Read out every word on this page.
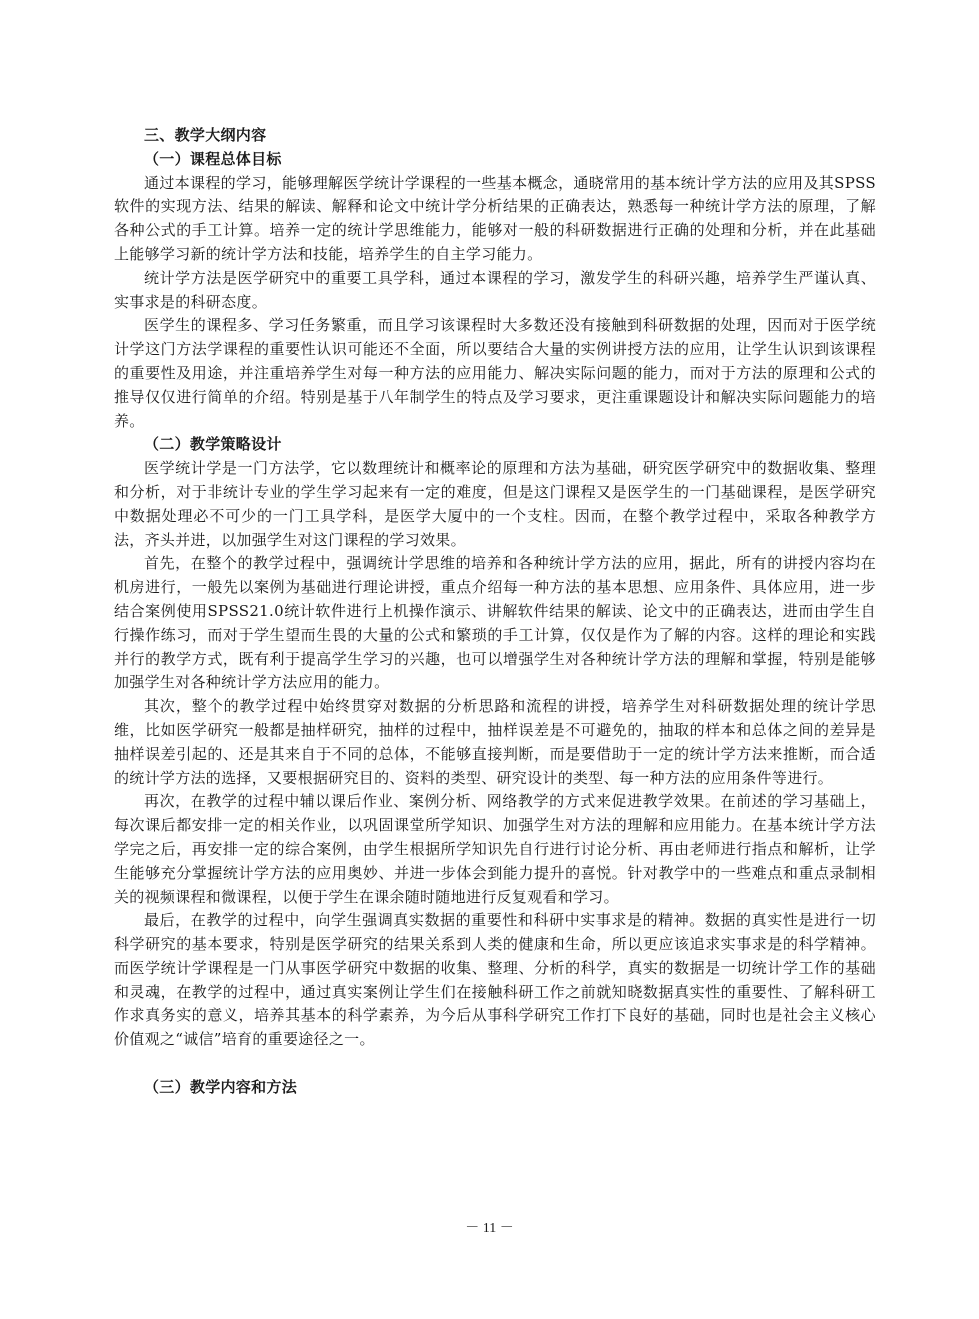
三、教学大纲内容

（一）课程总体目标

通过本课程的学习，能够理解医学统计学课程的一些基本概念，通晓常用的基本统计学方法的应用及其SPSS软件的实现方法、结果的解读、解释和论文中统计学分析结果的正确表达，熟悉每一种统计学方法的原理，了解各种公式的手工计算。培养一定的统计学思维能力，能够对一般的科研数据进行正确的处理和分析，并在此基础上能够学习新的统计学方法和技能，培养学生的自主学习能力。

统计学方法是医学研究中的重要工具学科，通过本课程的学习，激发学生的科研兴趣，培养学生严谨认真、实事求是的科研态度。

医学生的课程多、学习任务繁重，而且学习该课程时大多数还没有接触到科研数据的处理，因而对于医学统计学这门方法学课程的重要性认识可能还不全面，所以要结合大量的实例讲授方法的应用，让学生认识到该课程的重要性及用途，并注重培养学生对每一种方法的应用能力、解决实际问题的能力，而对于方法的原理和公式的推导仅仅进行简单的介绍。特别是基于八年制学生的特点及学习要求，更注重课题设计和解决实际问题能力的培养。

（二）教学策略设计

医学统计学是一门方法学，它以数理统计和概率论的原理和方法为基础，研究医学研究中的数据收集、整理和分析，对于非统计专业的学生学习起来有一定的难度，但是这门课程又是医学生的一门基础课程，是医学研究中数据处理必不可少的一门工具学科，是医学大厦中的一个支柱。因而，在整个教学过程中，采取各种教学方法，齐头并进，以加强学生对这门课程的学习效果。

首先，在整个的教学过程中，强调统计学思维的培养和各种统计学方法的应用，据此，所有的讲授内容均在机房进行，一般先以案例为基础进行理论讲授，重点介绍每一种方法的基本思想、应用条件、具体应用，进一步结合案例使用SPSS21.0统计软件进行上机操作演示、讲解软件结果的解读、论文中的正确表达，进而由学生自行操作练习，而对于学生望而生畏的大量的公式和繁琐的手工计算，仅仅是作为了解的内容。这样的理论和实践并行的教学方式，既有利于提高学生学习的兴趣，也可以增强学生对各种统计学方法的理解和掌握，特别是能够加强学生对各种统计学方法应用的能力。

其次，整个的教学过程中始终贯穿对数据的分析思路和流程的讲授，培养学生对科研数据处理的统计学思维，比如医学研究一般都是抽样研究，抽样的过程中，抽样误差是不可避免的，抽取的样本和总体之间的差异是抽样误差引起的、还是其来自于不同的总体，不能够直接判断，而是要借助于一定的统计学方法来推断，而合适的统计学方法的选择，又要根据研究目的、资料的类型、研究设计的类型、每一种方法的应用条件等进行。

再次，在教学的过程中辅以课后作业、案例分析、网络教学的方式来促进教学效果。在前述的学习基础上，每次课后都安排一定的相关作业，以巩固课堂所学知识、加强学生对方法的理解和应用能力。在基本统计学方法学完之后，再安排一定的综合案例，由学生根据所学知识先自行进行讨论分析、再由老师进行指点和解析，让学生能够充分掌握统计学方法的应用奥妙、并进一步体会到能力提升的喜悦。针对教学中的一些难点和重点录制相关的视频课程和微课程，以便于学生在课余随时随地进行反复观看和学习。

最后，在教学的过程中，向学生强调真实数据的重要性和科研中实事求是的精神。数据的真实性是进行一切科学研究的基本要求，特别是医学研究的结果关系到人类的健康和生命，所以更应该追求实事求是的科学精神。而医学统计学课程是一门从事医学研究中数据的收集、整理、分析的科学，真实的数据是一切统计学工作的基础和灵魂，在教学的过程中，通过真实案例让学生们在接触科研工作之前就知晓数据真实性的重要性、了解科研工作求真务实的意义，培养其基本的科学素养，为今后从事科学研究工作打下良好的基础，同时也是社会主义核心价值观之“诚信”培育的重要途径之一。

（三）教学内容和方法

－ 11 －
